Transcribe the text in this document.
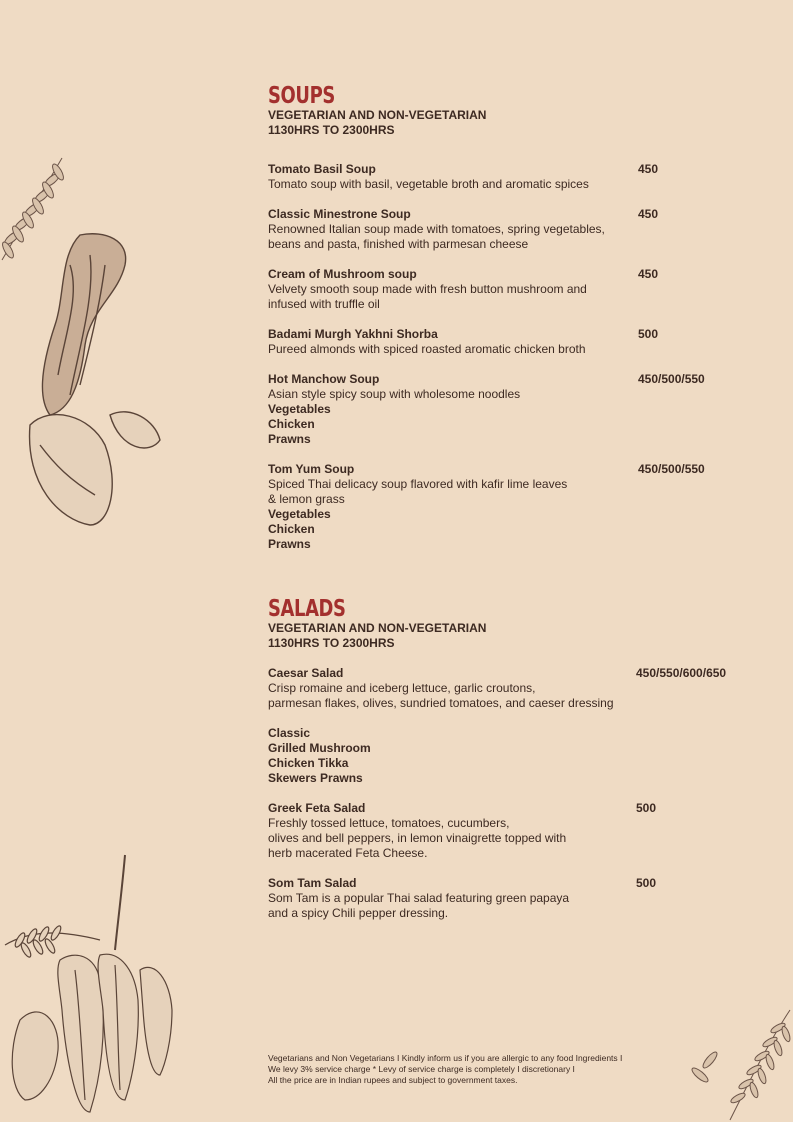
SOUPS
VEGETARIAN AND NON-VEGETARIAN
1130HRS TO 2300HRS
Tomato Basil Soup	450
Tomato soup with basil, vegetable broth and aromatic spices
Classic Minestrone Soup	450
Renowned Italian soup made with tomatoes, spring vegetables,
beans and pasta, finished with parmesan cheese
Cream of Mushroom soup	450
Velvety smooth soup made with fresh button mushroom and
infused with truffle oil
Badami Murgh Yakhni Shorba	500
Pureed almonds with spiced roasted aromatic chicken broth
Hot Manchow Soup	450/500/550
Asian style spicy soup with wholesome noodles
Vegetables
Chicken
Prawns
Tom Yum Soup	450/500/550
Spiced Thai delicacy soup flavored with kafir lime leaves
& lemon grass
Vegetables
Chicken
Prawns
SALADS
VEGETARIAN AND NON-VEGETARIAN
1130HRS TO 2300HRS
Caesar Salad	450/550/600/650
Crisp romaine and iceberg lettuce, garlic croutons,
parmesan flakes, olives, sundried tomatoes, and caeser dressing
Classic
Grilled Mushroom
Chicken Tikka
Skewers Prawns
Greek Feta Salad	500
Freshly tossed lettuce, tomatoes, cucumbers,
olives and bell peppers, in lemon vinaigrette topped with
herb macerated Feta Cheese.
Som Tam Salad	500
Som Tam is a popular Thai salad featuring green papaya
and a spicy Chili pepper dressing.
Vegetarians and Non Vegetarians I Kindly inform us if you are allergic to any food Ingredients I
We levy 3% service charge * Levy of service charge is completely I discretionary I
All the price are in Indian rupees and subject to government taxes.
